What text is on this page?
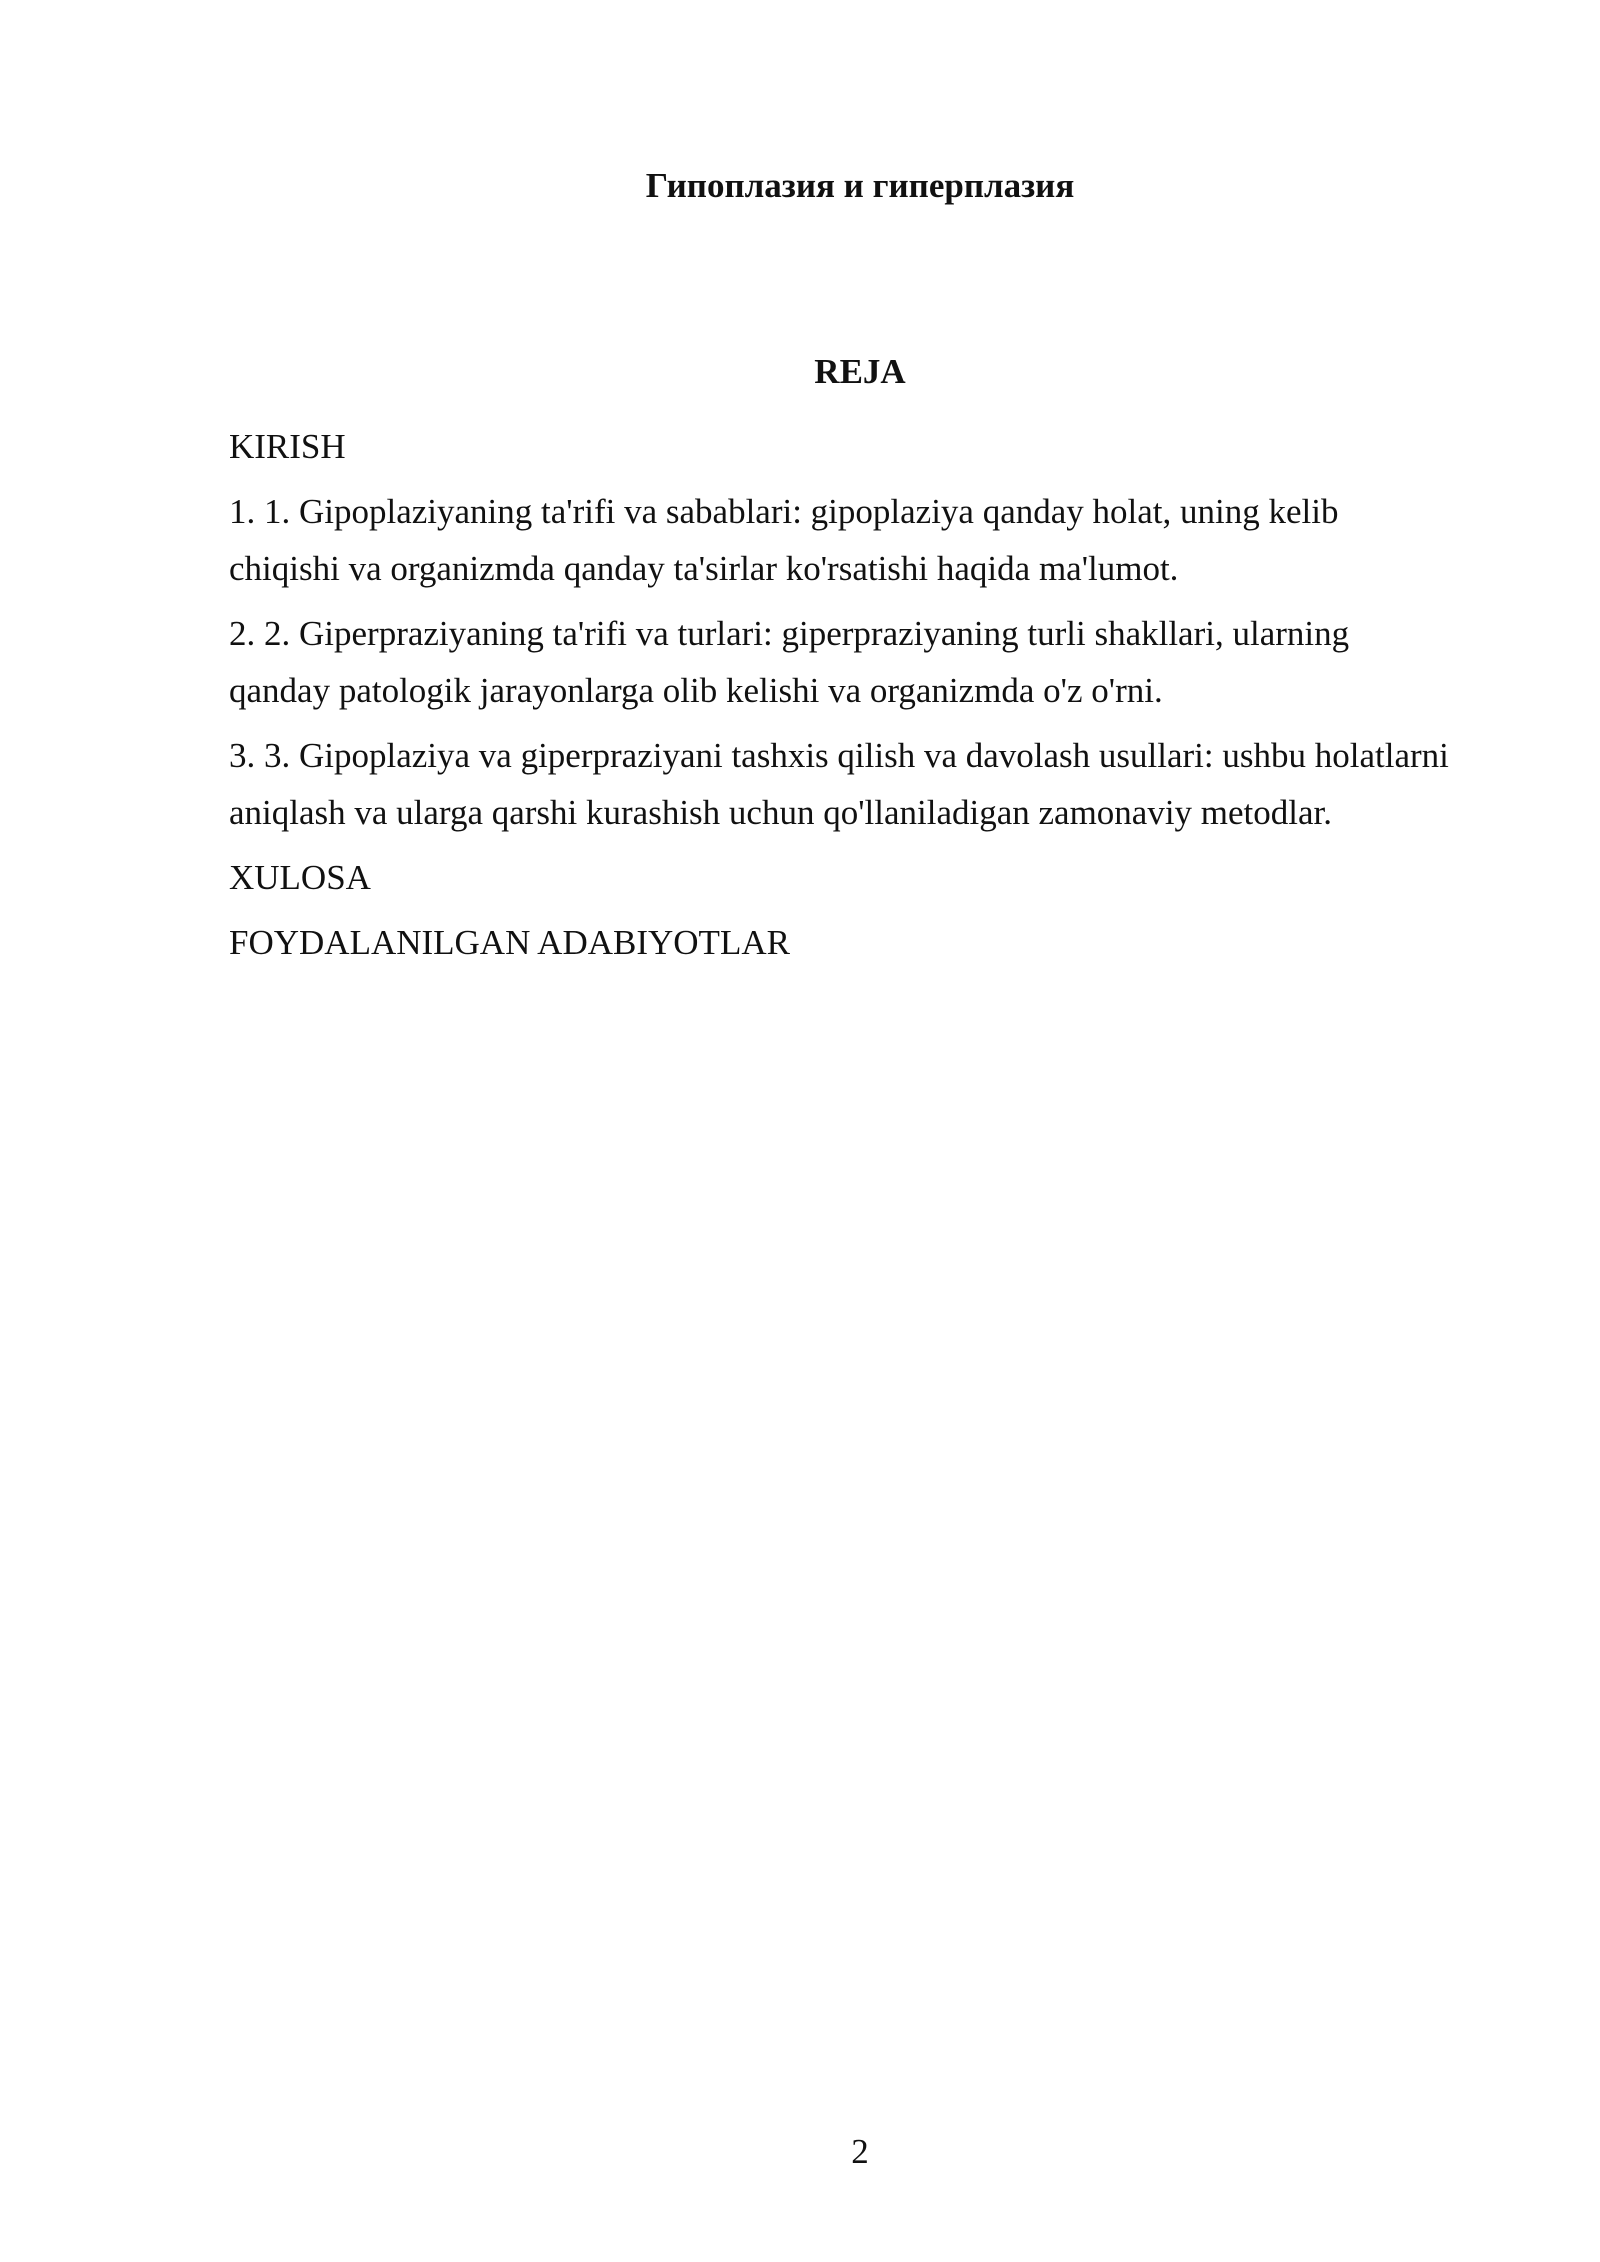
Гипоплазия и гиперплазия
REJA
KIRISH
1. 1. Gipoplaziyaning ta'rifi va sabablari: gipoplaziya qanday holat, uning kelib chiqishi va organizmda qanday ta'sirlar ko'rsatishi haqida ma'lumot.
2. 2. Giperpraziyaning ta'rifi va turlari: giperpraziyaning turli shakllari, ularning qanday patologik jarayonlarga olib kelishi va organizmda o'z o'rni.
3. 3. Gipoplaziya va giperpraziyani tashxis qilish va davolash usullari: ushbu holatlarni aniqlash va ularga qarshi kurashish uchun qo'llaniladigan zamonaviy metodlar.
XULOSA
FOYDALANILGAN ADABIYOTLAR
2
